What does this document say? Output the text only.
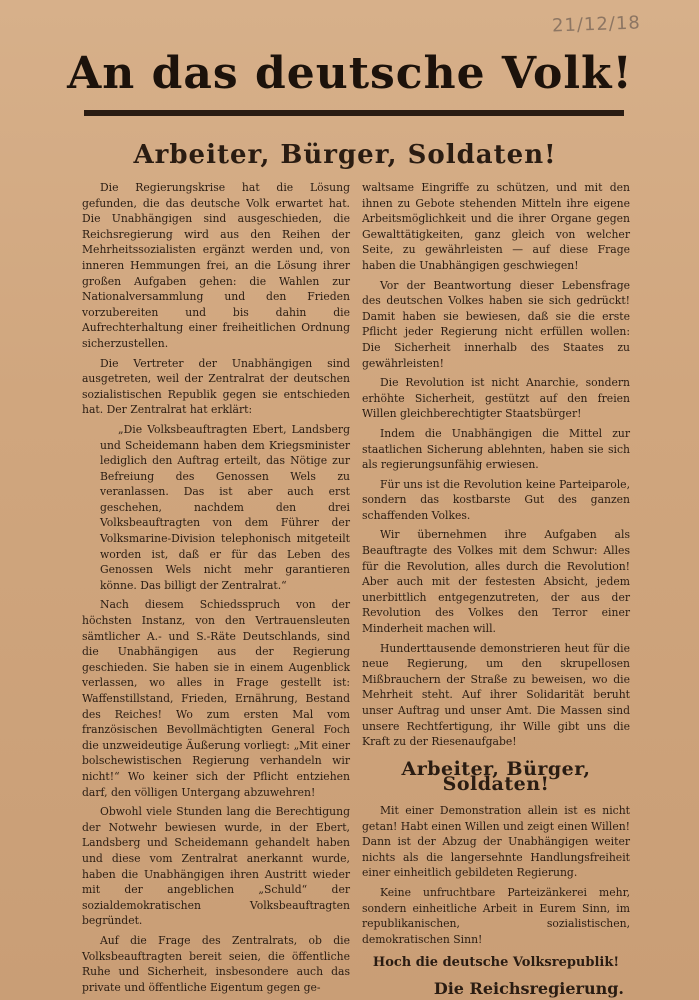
21/12/18
An das deutsche Volk!
Arbeiter, Bürger, Soldaten!

Die Regierungskrise hat die Lösung gefunden, die das deutsche Volk erwartet hat. Die Unabhängigen sind ausgeschieden, die Reichsregierung wird aus den Reihen der Mehrheitssozialisten ergänzt werden und, von inneren Hemmungen frei, an die Lösung ihrer großen Aufgaben gehen: die Wahlen zur Nationalversammlung und den Frieden vorzubereiten und bis dahin die Aufrechterhaltung einer freiheitlichen Ordnung sicherzustellen.

Die Vertreter der Unabhängigen sind ausgetreten, weil der Zentralrat der deutschen sozialistischen Republik gegen sie entschieden hat. Der Zentralrat hat erklärt:

„Die Volksbeauftragten Ebert, Landsberg und Scheidemann haben dem Kriegsminister lediglich den Auftrag erteilt, das Nötige zur Befreiung des Genossen Wels zu veranlassen. Das ist aber auch erst geschehen, nachdem den drei Volksbeauftragten von dem Führer der Volksmarine-Division telephonisch mitgeteilt worden ist, daß er für das Leben des Genossen Wels nicht mehr garantieren könne. Das billigt der Zentralrat.“

Nach diesem Schiedsspruch von der höchsten Instanz, von den Vertrauensleuten sämtlicher A.- und S.-Räte Deutschlands, sind die Unabhängigen aus der Regierung geschieden. Sie haben sie in einem Augenblick verlassen, wo alles in Frage gestellt ist: Waffenstillstand, Frieden, Ernährung, Bestand des Reiches! Wo zum ersten Mal vom französischen Bevollmächtigten General Foch die unzweideutige Äußerung vorliegt: „Mit einer bolschewistischen Regierung verhandeln wir nicht!“ Wo keiner sich der Pflicht entziehen darf, den völligen Untergang abzuwehren!

Obwohl viele Stunden lang die Berechtigung der Notwehr bewiesen wurde, in der Ebert, Landsberg und Scheidemann gehandelt haben und diese vom Zentralrat anerkannt wurde, haben die Unabhängigen ihren Austritt wieder mit der angeblichen „Schuld“ der sozialdemokratischen Volksbeauftragten begründet.

Auf die Frage des Zentralrats, ob die Volksbeauftragten bereit seien, die öffentliche Ruhe und Sicherheit, insbesondere auch das private und öffentliche Eigentum gegen ge-

waltsame Eingriffe zu schützen, und mit den ihnen zu Gebote stehenden Mitteln ihre eigene Arbeitsmöglichkeit und die ihrer Organe gegen Gewalttätigkeiten, ganz gleich von welcher Seite, zu gewährleisten — auf diese Frage haben die Unabhängigen geschwiegen!

Vor der Beantwortung dieser Lebensfrage des deutschen Volkes haben sie sich gedrückt! Damit haben sie bewiesen, daß sie die erste Pflicht jeder Regierung nicht erfüllen wollen: Die Sicherheit innerhalb des Staates zu gewährleisten!

Die Revolution ist nicht Anarchie, sondern erhöhte Sicherheit, gestützt auf den freien Willen gleichberechtigter Staatsbürger!

Indem die Unabhängigen die Mittel zur staatlichen Sicherung ablehnten, haben sie sich als regierungsunfähig erwiesen.

Für uns ist die Revolution keine Parteiparole, sondern das kostbarste Gut des ganzen schaffenden Volkes.

Wir übernehmen ihre Aufgaben als Beauftragte des Volkes mit dem Schwur: Alles für die Revolution, alles durch die Revolution! Aber auch mit der festesten Absicht, jedem unerbittlich entgegenzutreten, der aus der Revolution des Volkes den Terror einer Minderheit machen will.

Hunderttausende demonstrieren heut für die neue Regierung, um den skrupellosen Mißbrauchern der Straße zu beweisen, wo die Mehrheit steht. Auf ihrer Solidarität beruht unser Auftrag und unser Amt. Die Massen sind unsere Rechtfertigung, ihr Wille gibt uns die Kraft zu der Riesenaufgabe!

Arbeiter, Bürger, Soldaten!

Mit einer Demonstration allein ist es nicht getan! Habt einen Willen und zeigt einen Willen! Dann ist der Abzug der Unabhängigen weiter nichts als die langersehnte Handlungsfreiheit einer einheitlich gebildeten Regierung.

Keine unfruchtbare Parteizänkerei mehr, sondern einheitliche Arbeit in Eurem Sinn, im republikanischen, sozialistischen, demokratischen Sinn!

Hoch die deutsche Volksrepublik!
Die Reichsregierung.
